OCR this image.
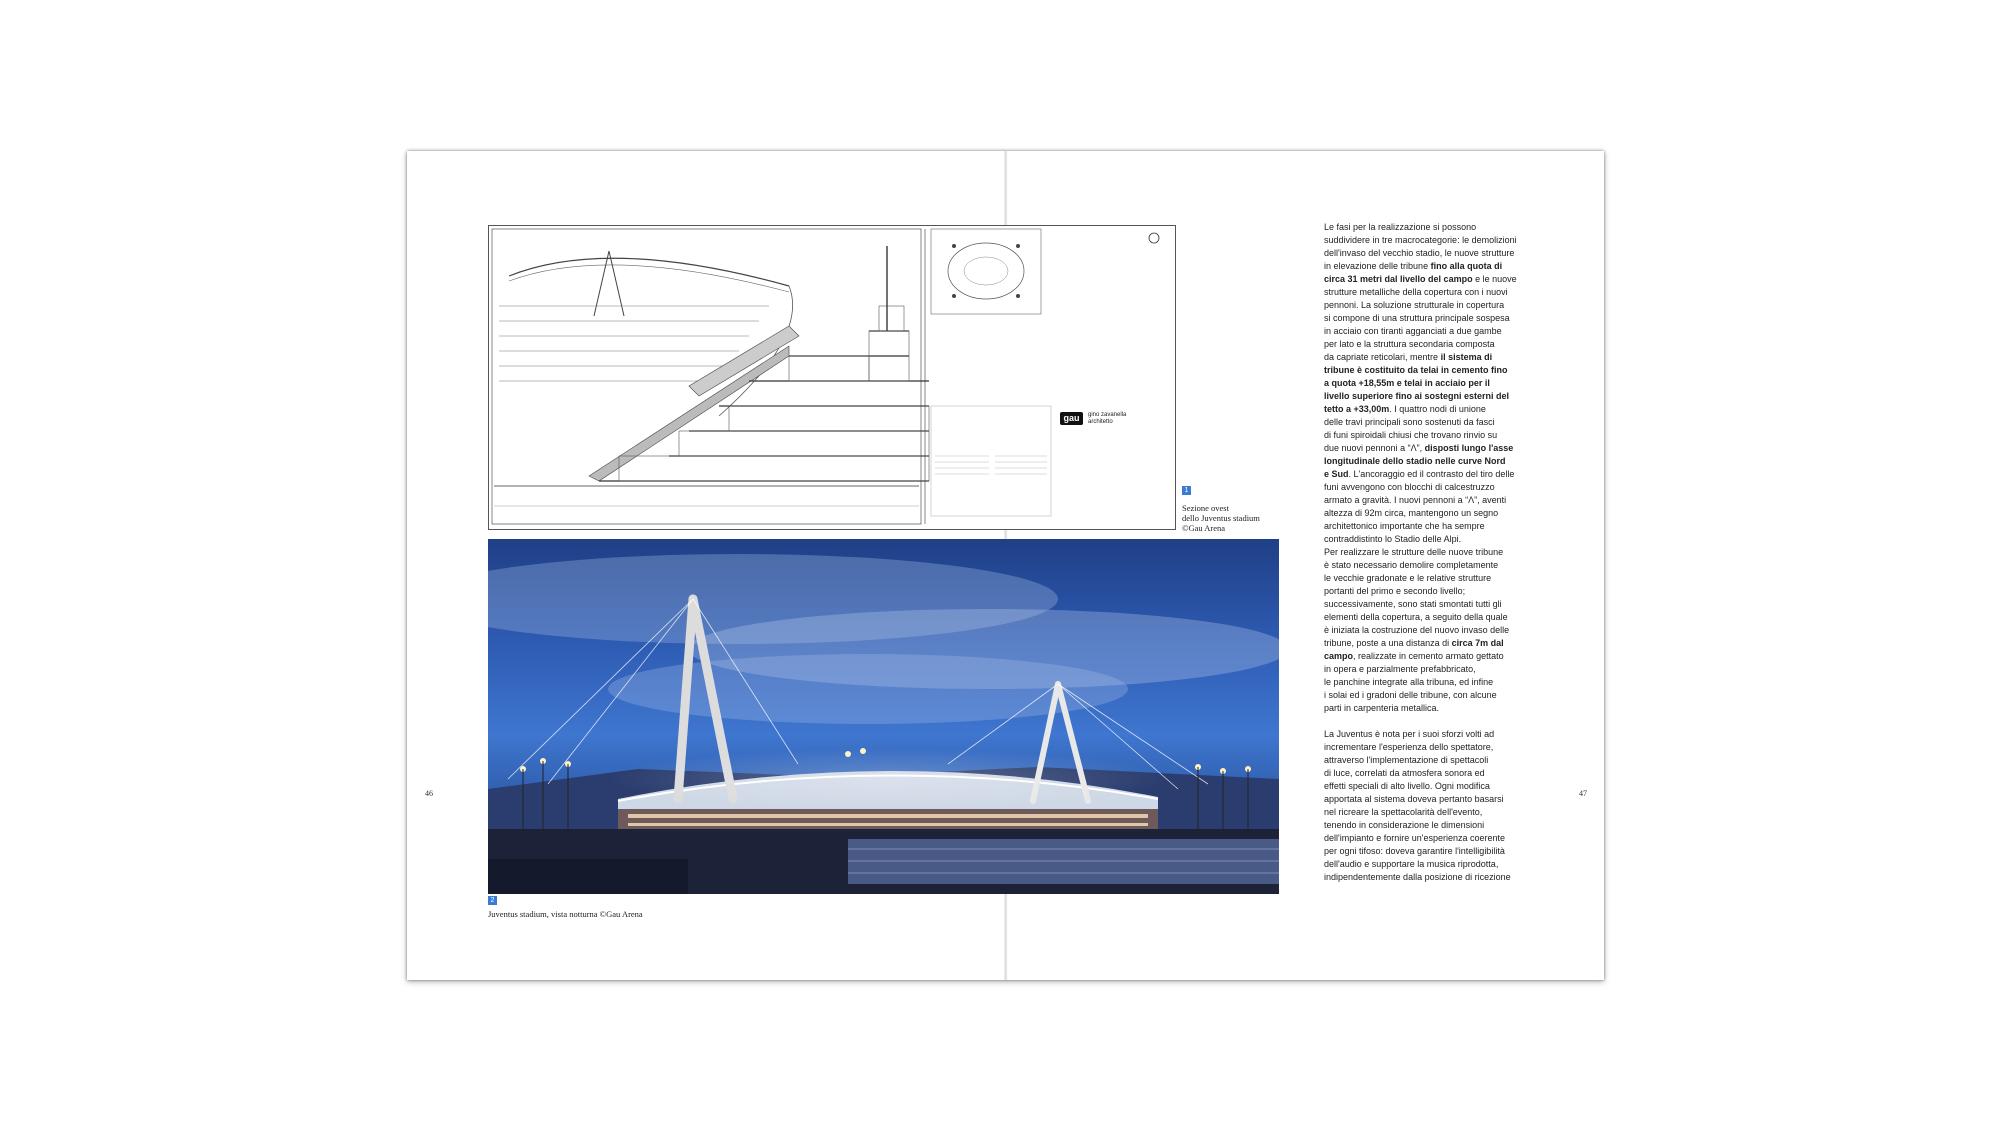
46	47
gau	gino zavanella
architetto
1
Sezione ovest
dello Juventus stadium
©Gau Arena
2
Juventus stadium, vista notturna ©Gau Arena

Le fasi per la realizzazione si possono
suddividere in tre macrocategorie: le demolizioni
dell'invaso del vecchio stadio, le nuove strutture
in elevazione delle tribune fino alla quota di
circa 31 metri dal livello del campo e le nuove
strutture metalliche della copertura con i nuovi
pennoni. La soluzione strutturale in copertura
si compone di una struttura principale sospesa
in acciaio con tiranti agganciati a due gambe
per lato e la struttura secondaria composta
da capriate reticolari, mentre il sistema di
tribune è costituito da telai in cemento fino
a quota +18,55m e telai in acciaio per il
livello superiore fino ai sostegni esterni del
tetto a +33,00m. I quattro nodi di unione
delle travi principali sono sostenuti da fasci
di funi spiroidali chiusi che trovano rinvio su
due nuovi pennoni a “Λ”, disposti lungo l'asse
longitudinale dello stadio nelle curve Nord
e Sud. L'ancoraggio ed il contrasto del tiro delle
funi avvengono con blocchi di calcestruzzo
armato a gravità. I nuovi pennoni a “Λ”, aventi
altezza di 92m circa, mantengono un segno
architettonico importante che ha sempre
contraddistinto lo Stadio delle Alpi.
Per realizzare le strutture delle nuove tribune
è stato necessario demolire completamente
le vecchie gradonate e le relative strutture
portanti del primo e secondo livello;
successivamente, sono stati smontati tutti gli
elementi della copertura, a seguito della quale
è iniziata la costruzione del nuovo invaso delle
tribune, poste a una distanza di circa 7m dal
campo, realizzate in cemento armato gettato
in opera e parzialmente prefabbricato,
le panchine integrate alla tribuna, ed infine
i solai ed i gradoni delle tribune, con alcune
parti in carpenteria metallica.

La Juventus è nota per i suoi sforzi volti ad
incrementare l'esperienza dello spettatore,
attraverso l'implementazione di spettacoli
di luce, correlati da atmosfera sonora ed
effetti speciali di alto livello. Ogni modifica
apportata al sistema doveva pertanto basarsi
nel ricreare la spettacolarità dell'evento,
tenendo in considerazione le dimensioni
dell'impianto e fornire un'esperienza coerente
per ogni tifoso: doveva garantire l'intelligibilità
dell'audio e supportare la musica riprodotta,
indipendentemente dalla posizione di ricezione
